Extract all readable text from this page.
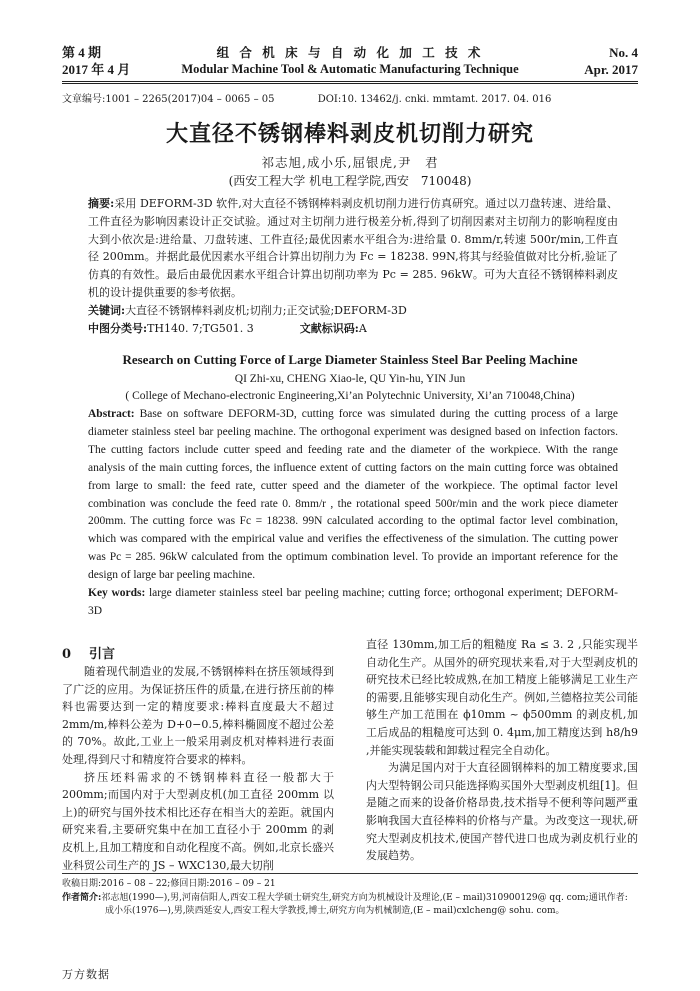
第 4 期
2017 年 4 月
组 合 机 床 与 自 动 化 加 工 技 术
Modular Machine Tool & Automatic Manufacturing Technique
No. 4
Apr. 2017
文章编号:1001 – 2265(2017)04 – 0065 – 05	DOI:10. 13462/j. cnki. mmtamt. 2017. 04. 016
大直径不锈钢棒料剥皮机切削力研究
祁志旭,成小乐,屈银虎,尹　君
(西安工程大学 机电工程学院,西安　710048)
摘要:采用 DEFORM-3D 软件,对大直径不锈钢棒料剥皮机切削力进行仿真研究。通过以刀盘转速、进给量、工件直径为影响因素设计正交试验。通过对主切削力进行极差分析,得到了切削因素对主切削力的影响程度由大到小依次是:进给量、刀盘转速、工件直径;最优因素水平组合为:进给量 0. 8mm/r,转速 500r/min,工件直径 200mm。并据此最优因素水平组合计算出切削力为 Fc = 18238. 99N,将其与经验值做对比分析,验证了仿真的有效性。最后由最优因素水平组合计算出切削功率为 Pc = 285. 96kW。可为大直径不锈钢棒料剥皮机的设计提供重要的参考依据。
关键词:大直径不锈钢棒料剥皮机;切削力;正交试验;DEFORM-3D
中图分类号:TH140. 7;TG501. 3	文献标识码:A
Research on Cutting Force of Large Diameter Stainless Steel Bar Peeling Machine
QI Zhi-xu, CHENG Xiao-le, QU Yin-hu, YIN Jun
( College of Mechano-electronic Engineering,Xi’an Polytechnic University, Xi’an 710048,China)
Abstract: Base on software DEFORM-3D, cutting force was simulated during the cutting process of a large diameter stainless steel bar peeling machine. The orthogonal experiment was designed based on infection factors. The cutting factors include cutter speed and feeding rate and the diameter of the workpiece. With the range analysis of the main cutting forces, the influence extent of cutting factors on the main cutting force was obtained from large to small: the feed rate, cutter speed and the diameter of the workpiece. The optimal factor level combination was conclude the feed rate 0. 8mm/r , the rotational speed 500r/min and the work piece diameter 200mm. The cutting force was Fc = 18238. 99N calculated according to the optimal factor level combination, which was compared with the empirical value and verifies the effectiveness of the simulation. The cutting power was Pc = 285. 96kW calculated from the optimum combination level. To provide an important reference for the design of large bar peeling machine.
Key words: large diameter stainless steel bar peeling machine; cutting force; orthogonal experiment; DEFORM-3D
0 引言

随着现代制造业的发展,不锈钢棒料在挤压领域得到了广泛的应用。为保证挤压件的质量,在进行挤压前的棒料也需要达到一定的精度要求:棒料直度最大不超过 2mm/m,棒料公差为 D+0−0.5,棒料椭圆度不超过公差的 70%。故此,工业上一般采用剥皮机对棒料进行表面处理,得到尺寸和精度符合要求的棒料。

挤压坯料需求的不锈钢棒料直径一般都大于 200mm;而国内对于大型剥皮机(加工直径 200mm 以上)的研究与国外技术相比还存在相当大的差距。就国内研究来看,主要研究集中在加工直径小于 200mm 的剥皮机上,且加工精度和自动化程度不高。例如,北京长盛兴业科贸公司生产的 JS – WXC130,最大切削

直径 130mm,加工后的粗糙度 Ra ≤ 3. 2 ,只能实现半自动化生产。从国外的研究现状来看,对于大型剥皮机的研究技术已经比较成熟,在加工精度上能够满足工业生产的需要,且能够实现自动化生产。例如,兰德格拉芙公司能够生产加工范围在 ϕ10mm ~ ϕ500mm 的剥皮机,加工后成品的粗糙度可达到 0. 4μm,加工精度达到 h8/h9 ,并能实现装载和卸载过程完全自动化。

为满足国内对于大直径圆钢棒料的加工精度要求,国内大型特钢公司只能选择购买国外大型剥皮机组[1]。但是随之而来的设备价格昂贵,技术指导不便利等问题严重影响我国大直径棒料的价格与产量。为改变这一现状,研究大型剥皮机技术,使国产替代进口也成为剥皮机行业的发展趋势。

收稿日期:2016 – 08 – 22;修回日期:2016 – 09 – 21
作者简介:祁志旭(1990—),男,河南信阳人,西安工程大学硕士研究生,研究方向为机械设计及理论,(E – mail)310900129@ qq. com;通讯作者:
成小乐(1976—),男,陕西延安人,西安工程大学教授,博士,研究方向为机械制造,(E – mail)cxlcheng@ sohu. com。
万方数据
